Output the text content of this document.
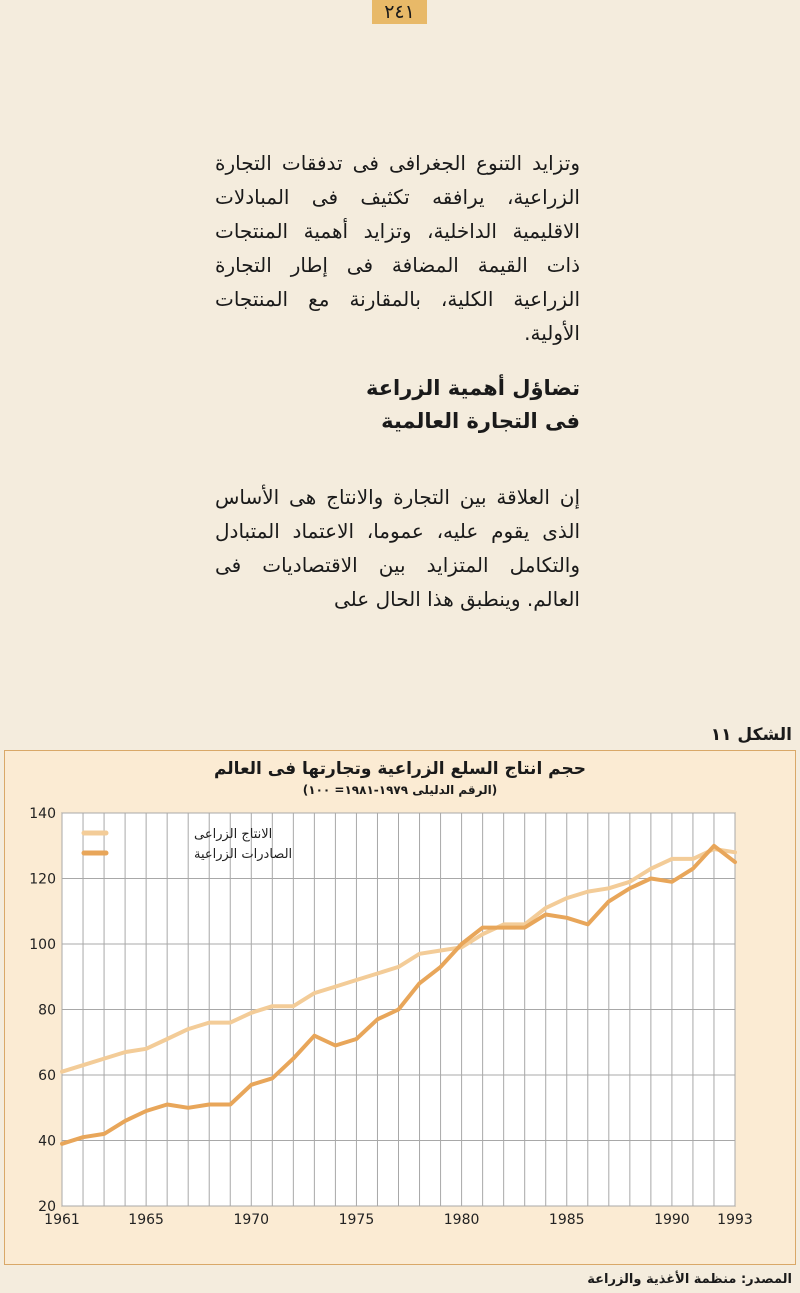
٢٤١
وتزايد التنوع الجغرافى فى تدفقات التجارة الزراعية، يرافقه تكثيف فى المبادلات الاقليمية الداخلية، وتزايد أهمية المنتجات ذات القيمة المضافة فى إطار التجارة الزراعية الكلية، بالمقارنة مع المنتجات الأولية.
تضاؤل أهمية الزراعة
فى التجارة العالمية
إن العلاقة بين التجارة والانتاج هى الأساس الذى يقوم عليه، عموما، الاعتماد المتبادل والتكامل المتزايد بين الاقتصاديات فى العالم. وينطبق هذا الحال على
الشكل ١١
حجم انتاج السلع الزراعية وتجارتها فى العالم
(الرقم الدليلى ١٩٧٩-١٩٨١= ١٠٠)
20
40
60
80
100
120
140
1961	1965	1970	1975	1980	1985	1990 1993
الانتاج الزراعى
الصادرات الزراعية
المصدر: منظمة الأغذية والزراعة
